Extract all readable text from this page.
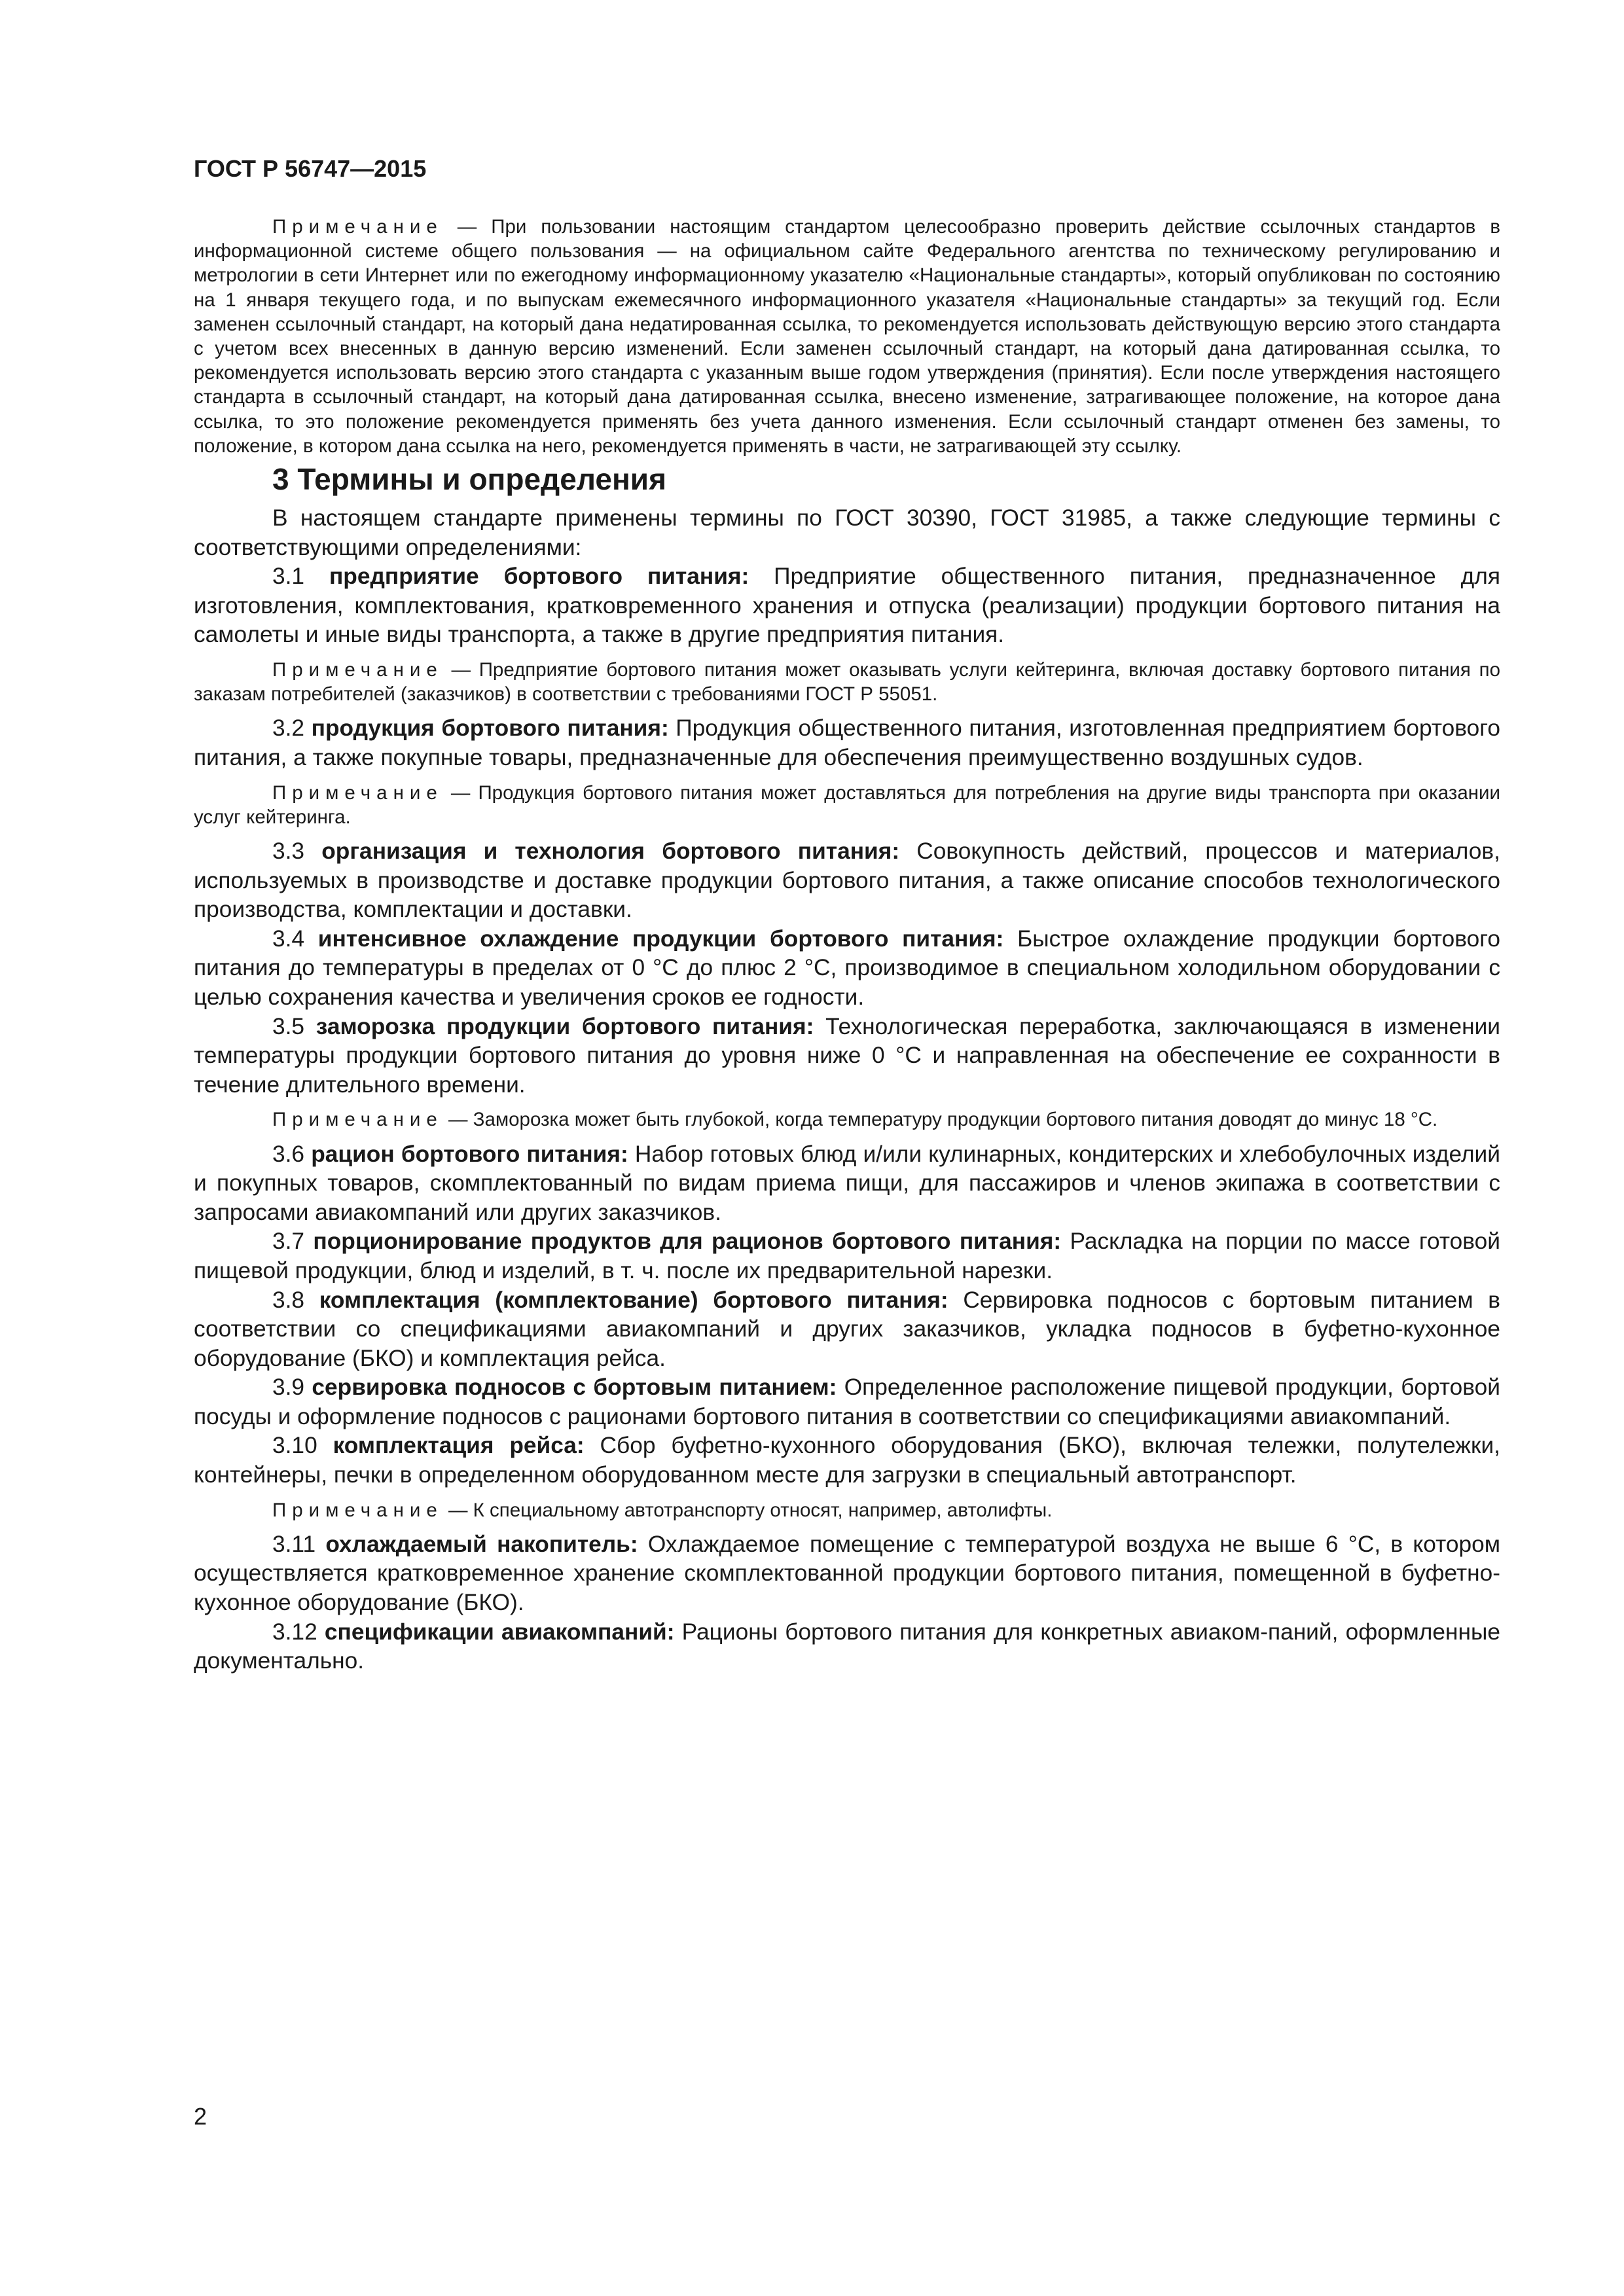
ГОСТ Р 56747—2015

Примечание — При пользовании настоящим стандартом целесообразно проверить действие ссылочных стандартов в информационной системе общего пользования — на официальном сайте Федерального агентства по техническому регулированию и метрологии в сети Интернет или по ежегодному информационному указателю «Национальные стандарты», который опубликован по состоянию на 1 января текущего года, и по выпускам ежемесячного информационного указателя «Национальные стандарты» за текущий год. Если заменен ссылочный стандарт, на который дана недатированная ссылка, то рекомендуется использовать действующую версию этого стандарта с учетом всех внесенных в данную версию изменений. Если заменен ссылочный стандарт, на который дана датированная ссылка, то рекомендуется использовать версию этого стандарта с указанным выше годом утверждения (принятия). Если после утверждения настоящего стандарта в ссылочный стандарт, на который дана датированная ссылка, внесено изменение, затрагивающее положение, на которое дана ссылка, то это положение рекомендуется применять без учета данного изменения. Если ссылочный стандарт отменен без замены, то положение, в котором дана ссылка на него, рекомендуется применять в части, не затрагивающей эту ссылку.

3 Термины и определения

В настоящем стандарте применены термины по ГОСТ 30390, ГОСТ 31985, а также следующие термины с соответствующими определениями:

3.1 предприятие бортового питания: Предприятие общественного питания, предназначенное для изготовления, комплектования, кратковременного хранения и отпуска (реализации) продукции бортового питания на самолеты и иные виды транспорта, а также в другие предприятия питания.

Примечание — Предприятие бортового питания может оказывать услуги кейтеринга, включая доставку бортового питания по заказам потребителей (заказчиков) в соответствии с требованиями ГОСТ Р 55051.

3.2 продукция бортового питания: Продукция общественного питания, изготовленная предприятием бортового питания, а также покупные товары, предназначенные для обеспечения преимущественно воздушных судов.

Примечание — Продукция бортового питания может доставляться для потребления на другие виды транспорта при оказании услуг кейтеринга.

3.3 организация и технология бортового питания: Совокупность действий, процессов и материалов, используемых в производстве и доставке продукции бортового питания, а также описание способов технологического производства, комплектации и доставки.

3.4 интенсивное охлаждение продукции бортового питания: Быстрое охлаждение продукции бортового питания до температуры в пределах от 0 °С до плюс 2 °С, производимое в специальном холодильном оборудовании с целью сохранения качества и увеличения сроков ее годности.

3.5 заморозка продукции бортового питания: Технологическая переработка, заключающаяся в изменении температуры продукции бортового питания до уровня ниже 0 °С и направленная на обеспечение ее сохранности в течение длительного времени.

Примечание — Заморозка может быть глубокой, когда температуру продукции бортового питания доводят до минус 18 °С.

3.6 рацион бортового питания: Набор готовых блюд и/или кулинарных, кондитерских и хлебобулочных изделий и покупных товаров, скомплектованный по видам приема пищи, для пассажиров и членов экипажа в соответствии с запросами авиакомпаний или других заказчиков.

3.7 порционирование продуктов для рационов бортового питания: Раскладка на порции по массе готовой пищевой продукции, блюд и изделий, в т. ч. после их предварительной нарезки.

3.8 комплектация (комплектование) бортового питания: Сервировка подносов с бортовым питанием в соответствии со спецификациями авиакомпаний и других заказчиков, укладка подносов в буфетно-кухонное оборудование (БКО) и комплектация рейса.

3.9 сервировка подносов с бортовым питанием: Определенное расположение пищевой продукции, бортовой посуды и оформление подносов с рационами бортового питания в соответствии со спецификациями авиакомпаний.

3.10 комплектация рейса: Сбор буфетно-кухонного оборудования (БКО), включая тележки, полутележки, контейнеры, печки в определенном оборудованном месте для загрузки в специальный автотранспорт.

Примечание — К специальному автотранспорту относят, например, автолифты.

3.11 охлаждаемый накопитель: Охлаждаемое помещение с температурой воздуха не выше 6 °С, в котором осуществляется кратковременное хранение скомплектованной продукции бортового питания, помещенной в буфетно-кухонное оборудование (БКО).

3.12 спецификации авиакомпаний: Рационы бортового питания для конкретных авиаком-паний, оформленные документально.

2
